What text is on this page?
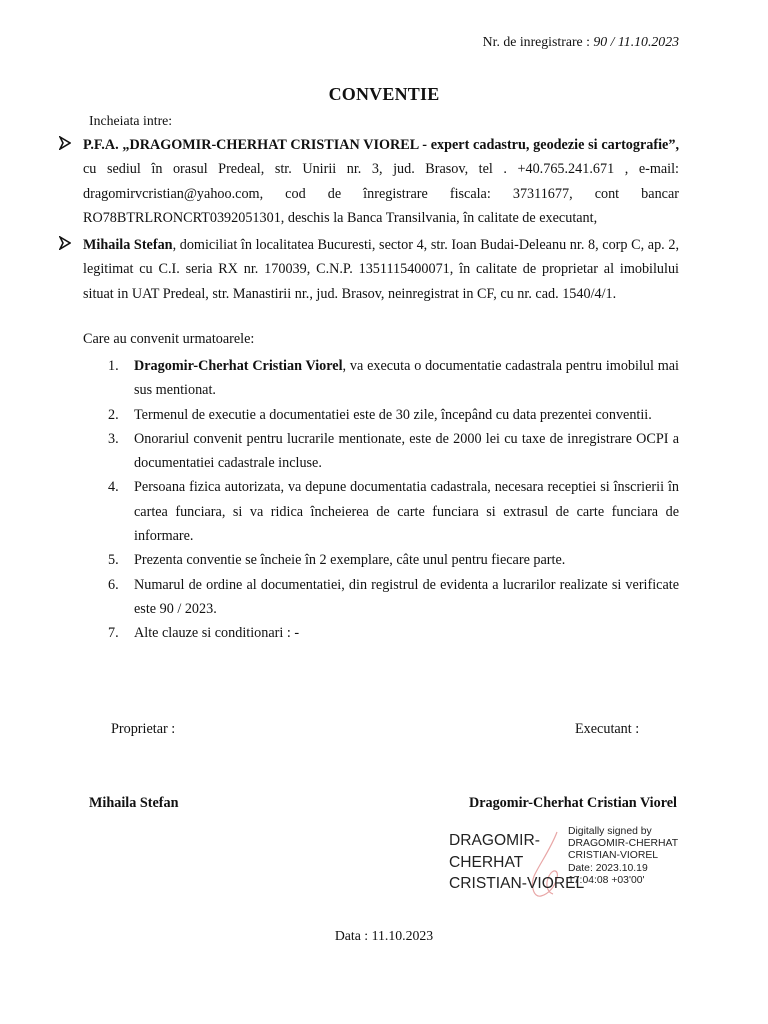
Nr. de inregistrare : 90 / 11.10.2023
CONVENTIE
Incheiata intre:
P.F.A. „DRAGOMIR-CHERHAT CRISTIAN VIOREL - expert cadastru, geodezie si cartografie”, cu sediul în orasul Predeal, str. Unirii nr. 3, jud. Brasov, tel . +40.765.241.671 , e-mail: dragomirvcristian@yahoo.com, cod de înregistrare fiscala: 37311677, cont bancar RO78BTRLRONCRT0392051301, deschis la Banca Transilvania, în calitate de executant,
Mihaila Stefan, domiciliat în localitatea Bucuresti, sector 4, str. Ioan Budai-Deleanu nr. 8, corp C, ap. 2, legitimat cu C.I. seria RX nr. 170039, C.N.P. 1351115400071, în calitate de proprietar al imobilului situat in UAT Predeal, str. Manastirii nr., jud. Brasov, neinregistrat in CF, cu nr. cad. 1540/4/1.
Care au convenit urmatoarele:
1. Dragomir-Cherhat Cristian Viorel, va executa o documentatie cadastrala pentru imobilul mai sus mentionat.
2. Termenul de executie a documentatiei este de 30 zile, începând cu data prezentei conventii.
3. Onorariul convenit pentru lucrarile mentionate, este de 2000 lei cu taxe de inregistrare OCPI a documentatiei cadastrale incluse.
4. Persoana fizica autorizata, va depune documentatia cadastrala, necesara receptiei si înscrierii în cartea funciara, si va ridica încheierea de carte funciara si extrasul de carte funciara de informare.
5. Prezenta conventie se încheie în 2 exemplare, câte unul pentru fiecare parte.
6. Numarul de ordine al documentatiei, din registrul de evidenta a lucrarilor realizate si verificate este 90 / 2023.
7. Alte clauze si conditionari : -
Proprietar :	Executant :
Mihaila Stefan	Dragomir-Cherhat Cristian Viorel
DRAGOMIR-
CHERHAT
CRISTIAN-VIOREL
Digitally signed by
DRAGOMIR-CHERHAT
CRISTIAN-VIOREL
Date: 2023.10.19
17:04:08 +03'00'
Data : 11.10.2023
